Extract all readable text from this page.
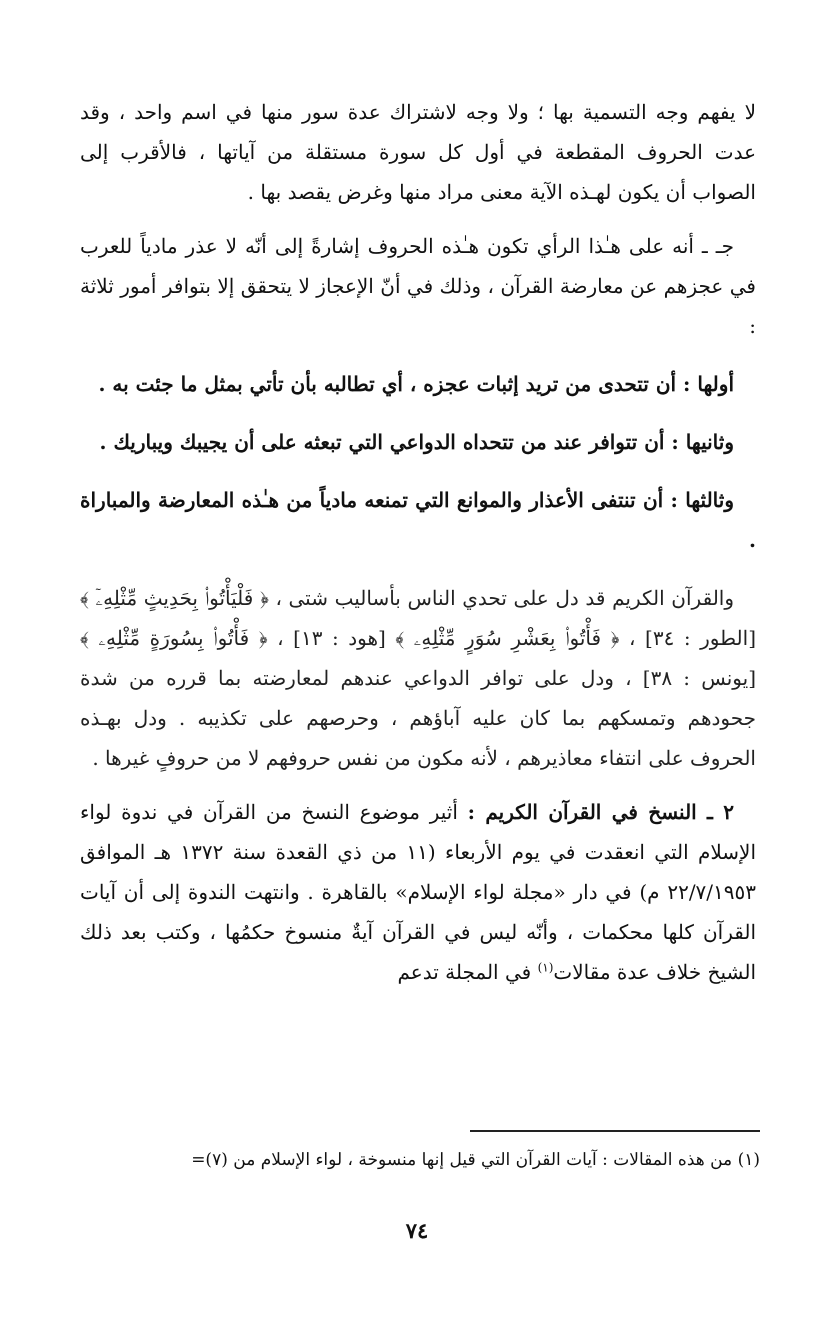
لا يفهم وجه التسمية بها ؛ ولا وجه لاشتراك عدة سور منها في اسم واحد ، وقد عدت الحروف المقطعة في أول كل سورة مستقلة من آياتها ، فالأقرب إلى الصواب أن يكون لهـذه الآية معنى مراد منها وغرض يقصد بها .

جـ ـ أنه على هـٰذا الرأي تكون هـٰذه الحروف إشارةً إلى أنّه لا عذر مادياً للعرب في عجزهم عن معارضة القرآن ، وذلك في أنّ الإعجاز لا يتحقق إلا بتوافر أمور ثلاثة :

أولها : أن تتحدى من تريد إثبات عجزه ، أي تطالبه بأن تأتي بمثل ما جئت به .

وثانيها : أن تتوافر عند من تتحداه الدواعي التي تبعثه على أن يجيبك ويباريك .

وثالثها : أن تنتفى الأعذار والموانع التي تمنعه مادياً من هـٰذه المعارضة والمباراة .

والقرآن الكريم قد دل على تحدي الناس بأساليب شتى ، ﴿ فَلْيَأْتُوا۟ بِحَدِيثٍ مِّثْلِهِۦٓ ﴾ [الطور : ٣٤] ، ﴿ فَأْتُوا۟ بِعَشْرِ سُوَرٍ مِّثْلِهِۦ ﴾ [هود : ١٣] ، ﴿ فَأْتُوا۟ بِسُورَةٍ مِّثْلِهِۦ ﴾ [يونس : ٣٨] ، ودل على توافر الدواعي عندهم لمعارضته بما قرره من شدة جحودهم وتمسكهم بما كان عليه آباؤهم ، وحرصهم على تكذيبه . ودل بهـذه الحروف على انتفاء معاذيرهم ، لأنه مكون من نفس حروفهم لا من حروفٍ غيرها .

٢ ـ النسخ في القرآن الكريم : أثير موضوع النسخ من القرآن في ندوة لواء الإسلام التي انعقدت في يوم الأربعاء (١١ من ذي القعدة سنة ١٣٧٢ هـ الموافق ٢٢/٧/١٩٥٣ م) في دار «مجلة لواء الإسلام» بالقاهرة . وانتهت الندوة إلى أن آيات القرآن كلها محكمات ، وأنّه ليس في القرآن آيةٌ منسوخ حكمُها ، وكتب بعد ذلك الشيخ خلاف عدة مقالات$^{(١)}$ في المجلة تدعم

(١) من هذه المقالات : آيات القرآن التي قيل إنها منسوخة ، لواء الإسلام من (٧)=
٧٤
